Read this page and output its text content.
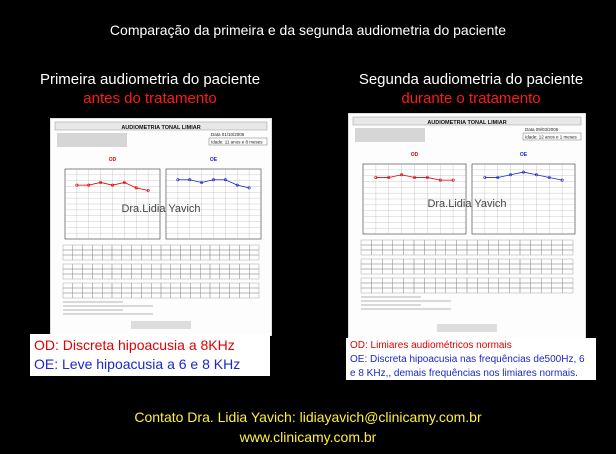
Comparação da primeira e da segunda audiometria do paciente
Primeira audiometria do paciente
antes do tratamento
Segunda audiometria do paciente
durante o tratamento
AUDIOMETRIA TONAL LIMIAR
Data 01/10/2005
Idade: 11 anos e 8 meses
OD	OE
Dra.Lidia Yavich
AUDIOMETRIA TONAL LIMIAR
Data 09/03/2006
Idade: 12 anos e 1 meses
OD	OE
Dra.Lidia Yavich
OD: Discreta hipoacusia a 8KHz
OE: Leve hipoacusia a 6 e 8 KHz
OD: Limiares audiométricos normais
OE: Discreta hipoacusia nas frequências de500Hz, 6 e 8 KHz,, demais frequências nos limiares normais.
Contato Dra. Lidia Yavich: lidiayavich@clinicamy.com.br
www.clinicamy.com.br
